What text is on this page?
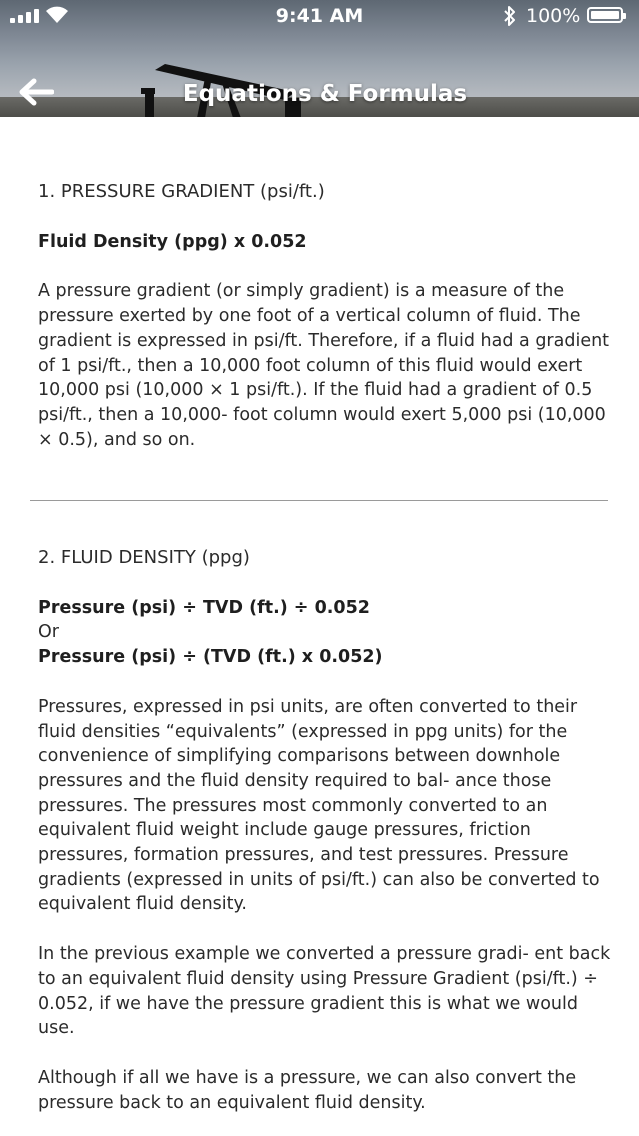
9:41 AM	100%
Equations & Formulas

1. PRESSURE GRADIENT (psi/ft.)

Fluid Density (ppg) x 0.052

A pressure gradient (or simply gradient) is a measure of the pressure exerted by one foot of a vertical column of fluid. The gradient is expressed in psi/ft. Therefore, if a fluid had a gradient of 1 psi/ft., then a 10,000 foot column of this fluid would exert 10,000 psi (10,000 × 1 psi/ft.). If the fluid had a gradient of 0.5 psi/ft., then a 10,000- foot column would exert 5,000 psi (10,000 × 0.5), and so on.

2. FLUID DENSITY (ppg)

Pressure (psi) ÷ TVD (ft.) ÷ 0.052

Or

Pressure (psi) ÷ (TVD (ft.) x 0.052)

Pressures, expressed in psi units, are often converted to their fluid densities “equivalents” (expressed in ppg units) for the convenience of simplifying comparisons between downhole pressures and the fluid density required to bal- ance those pressures. The pressures most commonly converted to an equivalent fluid weight include gauge pressures, friction pressures, formation pressures, and test pressures. Pressure gradients (expressed in units of psi/ft.) can also be converted to equivalent fluid density.

In the previous example we converted a pressure gradi- ent back to an equivalent fluid density using Pressure Gradient (psi/ft.) ÷ 0.052, if we have the pressure gradient this is what we would use.

Although if all we have is a pressure, we can also convert the pressure back to an equivalent fluid density.
